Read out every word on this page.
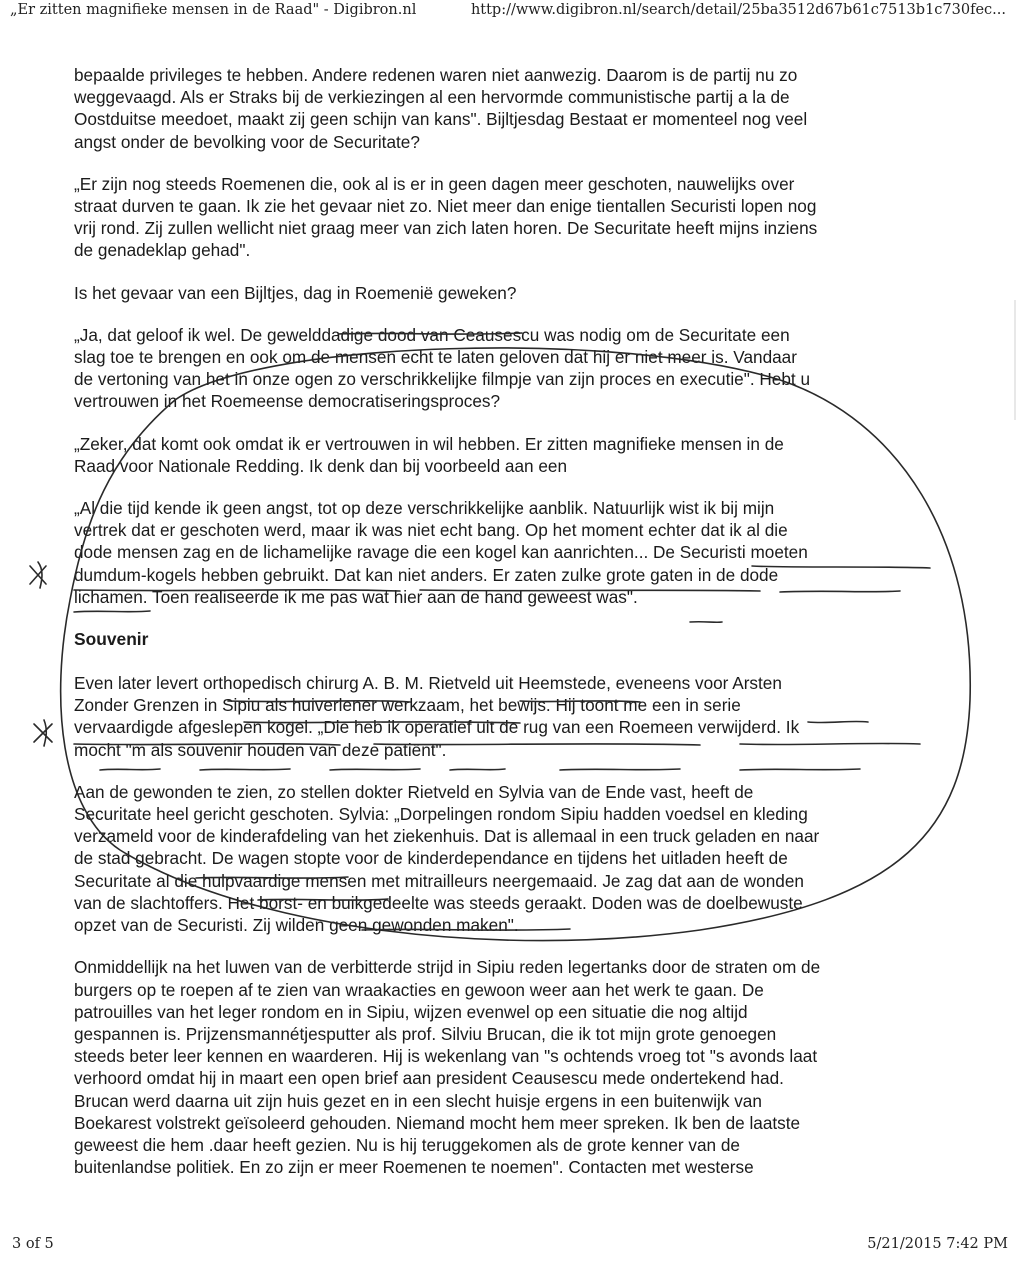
„Er zitten magnifieke mensen in de Raad" - Digibron.nl	http://www.digibron.nl/search/detail/25ba3512d67b61c7513b1c730fec...

bepaalde privileges te hebben. Andere redenen waren niet aanwezig. Daarom is de partij nu zo
weggevaagd. Als er Straks bij de verkiezingen al een hervormde communistische partij a la de
Oostduitse meedoet, maakt zij geen schijn van kans". Bijltjesdag Bestaat er momenteel nog veel
angst onder de bevolking voor de Securitate?

„Er zijn nog steeds Roemenen die, ook al is er in geen dagen meer geschoten, nauwelijks over
straat durven te gaan. Ik zie het gevaar niet zo. Niet meer dan enige tientallen Securisti lopen nog
vrij rond. Zij zullen wellicht niet graag meer van zich laten horen. De Securitate heeft mijns inziens
de genadeklap gehad".

Is het gevaar van een Bijltjes, dag in Roemenië geweken?

„Ja, dat geloof ik wel. De gewelddadige dood van Ceausescu was nodig om de Securitate een
slag toe te brengen en ook om de mensen echt te laten geloven dat hij er niet meer is. Vandaar
de vertoning van het in onze ogen zo verschrikkelijke filmpje van zijn proces en executie". Hebt u
vertrouwen in het Roemeense democratiseringsproces?

„Zeker, dat komt ook omdat ik er vertrouwen in wil hebben. Er zitten magnifieke mensen in de
Raad voor Nationale Redding. Ik denk dan bij voorbeeld aan een

„Al die tijd kende ik geen angst, tot op deze verschrikkelijke aanblik. Natuurlijk wist ik bij mijn
vertrek dat er geschoten werd, maar ik was niet echt bang. Op het moment echter dat ik al die
dode mensen zag en de lichamelijke ravage die een kogel kan aanrichten... De Securisti moeten
dumdum-kogels hebben gebruikt. Dat kan niet anders. Er zaten zulke grote gaten in de dode
lichamen. Toen realiseerde ik me pas wat hier aan de hand geweest was".

Souvenir

Even later levert orthopedisch chirurg A. B. M. Rietveld uit Heemstede, eveneens voor Arsten
Zonder Grenzen in Sipiu als huiverlener werkzaam, het bewijs. Hij toont me een in serie
vervaardigde afgeslepen kogel. „Die heb ik operatief uit de rug van een Roemeen verwijderd. Ik
mocht "m als souvenir houden van deze patiënt".

Aan de gewonden te zien, zo stellen dokter Rietveld en Sylvia van de Ende vast, heeft de
Securitate heel gericht geschoten. Sylvia: „Dorpelingen rondom Sipiu hadden voedsel en kleding
verzameld voor de kinderafdeling van het ziekenhuis. Dat is allemaal in een truck geladen en naar
de stad gebracht. De wagen stopte voor de kinderdependance en tijdens het uitladen heeft de
Securitate al die hulpvaardige mensen met mitrailleurs neergemaaid. Je zag dat aan de wonden
van de slachtoffers. Het borst- en buikgedeelte was steeds geraakt. Doden was de doelbewuste
opzet van de Securisti. Zij wilden geen gewonden maken".

Onmiddellijk na het luwen van de verbitterde strijd in Sipiu reden legertanks door de straten om de
burgers op te roepen af te zien van wraakacties en gewoon weer aan het werk te gaan. De
patrouilles van het leger rondom en in Sipiu, wijzen evenwel op een situatie die nog altijd
gespannen is. Prijzensmannétjesputter als prof. Silviu Brucan, die ik tot mijn grote genoegen
steeds beter leer kennen en waarderen. Hij is wekenlang van "s ochtends vroeg tot "s avonds laat
verhoord omdat hij in maart een open brief aan president Ceausescu mede ondertekend had.
Brucan werd daarna uit zijn huis gezet en in een slecht huisje ergens in een buitenwijk van
Boekarest volstrekt geïsoleerd gehouden. Niemand mocht hem meer spreken. Ik ben de laatste
geweest die hem .daar heeft gezien. Nu is hij teruggekomen als de grote kenner van de
buitenlandse politiek. En zo zijn er meer Roemenen te noemen". Contacten met westerse

3 of 5	5/21/2015 7:42 PM
